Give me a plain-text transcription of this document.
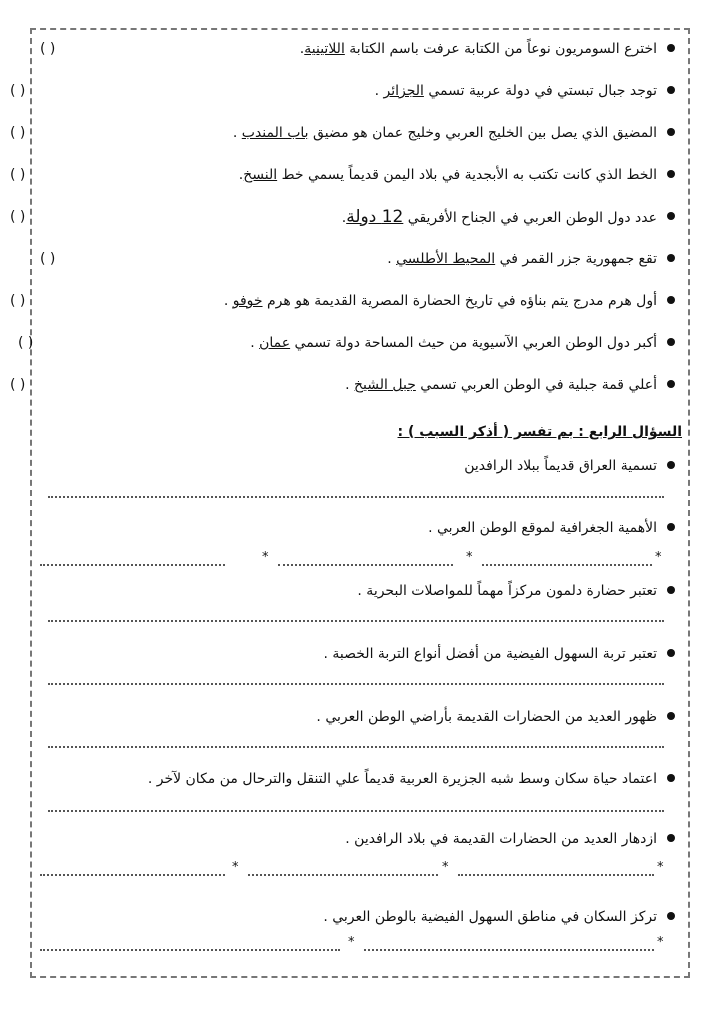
اخترع السومريون نوعاً من الكتابة عرفت باسم الكتابة اللاتينية.
( )
توجد جبال تبستي في دولة عربية تسمي الجزائر .
( )
المضيق الذي يصل بين الخليج العربي وخليج عمان هو مضيق باب المندب .
( )
الخط الذي كانت تكتب به الأبجدية في بلاد اليمن قديماً يسمي خط النسخ.
( )
عدد دول الوطن العربي في الجناح الأفريقي 12 دولة.
( )
تقع جمهورية جزر القمر في المحيط الأطلسي .
( )
أول هرم مدرج يتم بناؤه في تاريخ الحضارة المصرية القديمة هو هرم خوفو .
( )
أكبر دول الوطن العربي الآسيوية من حيث المساحة دولة تسمي عمان .
( )
أعلي قمة جبلية في الوطن العربي تسمي جبل الشيخ .
( )
السؤال الرابع : بم تفسر ( أذكر السبب ) :
تسمية العراق قديماً ببلاد الرافدين
الأهمية الجغرافية لموقع الوطن العربي .
*	*	*
تعتبر حضارة دلمون مركزاً مهماً للمواصلات البحرية .
تعتبر تربة السهول الفيضية من أفضل أنواع التربة الخصبة .
ظهور العديد من الحضارات القديمة بأراضي الوطن العربي .
اعتماد حياة سكان وسط شبه الجزيرة العربية قديماً علي التنقل والترحال من مكان لآخر .
ازدهار العديد من الحضارات القديمة في بلاد الرافدين .
*	*	*
تركز السكان في مناطق السهول الفيضية بالوطن العربي .
*	*
